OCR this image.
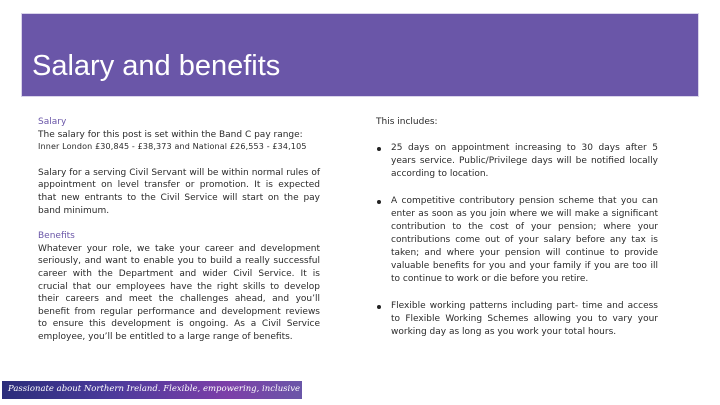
Salary and benefits

Salary

The salary for this post is set within the Band C pay range:

Inner London £30,845 - £38,373 and National £26,553 - £34,105

Salary for a serving Civil Servant will be within normal rules of appointment on level transfer or promotion. It is expected that new entrants to the Civil Service will start on the pay band minimum.

Benefits

Whatever your role, we take your career and development seriously, and want to enable you to build a really successful career with the Department and wider Civil Service. It is crucial that our employees have the right skills to develop their careers and meet the challenges ahead, and you’ll benefit from regular performance and development reviews to ensure this development is ongoing. As a Civil Service employee, you’ll be entitled to a large range of benefits.

This includes:

25 days on appointment increasing to 30 days after 5 years service. Public/Privilege days will be notified locally according to location.
A competitive contributory pension scheme that you can enter as soon as you join where we will make a significant contribution to the cost of your pension; where your contributions come out of your salary before any tax is taken; and where your pension will continue to provide valuable benefits for you and your family if you are too ill to continue to work or die before you retire.
Flexible working patterns including part- time and access to Flexible Working Schemes allowing you to vary your working day as long as you work your total hours.
Passionate about Northern Ireland. Flexible, empowering, inclusive
